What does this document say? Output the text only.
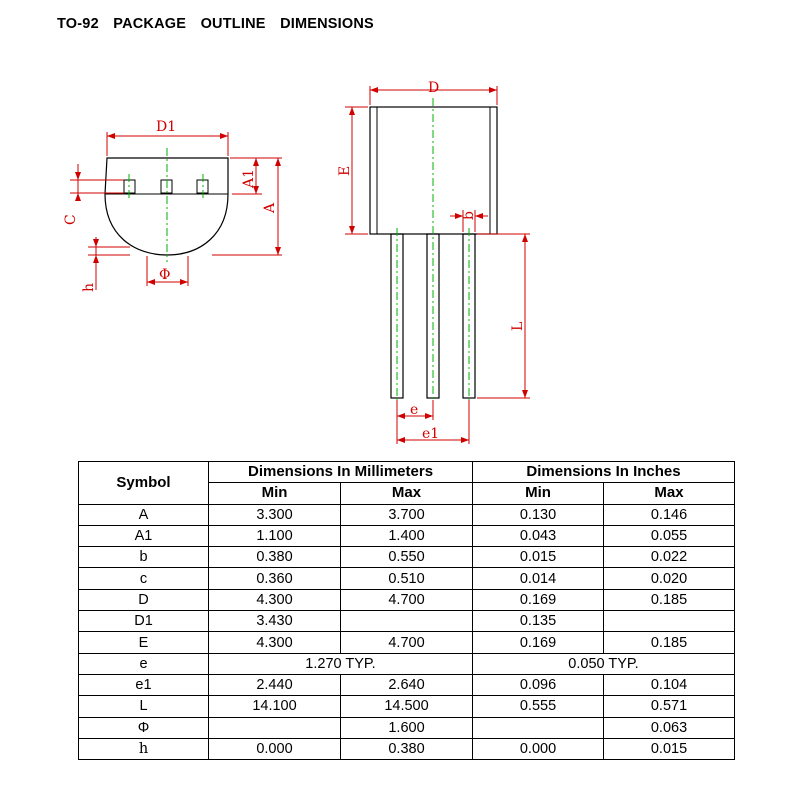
TO-92  PACKAGE  OUTLINE  DIMENSIONS
D1
A1
A
C
h
Φ
D
E
b
L
e
e1
Symbol	Dimensions In Millimeters		Dimensions In Inches	
	Min	Max	Min	Max
A	3.300	3.700	0.130	0.146
A1	1.100	1.400	0.043	0.055
b	0.380	0.550	0.015	0.022
c	0.360	0.510	0.014	0.020
D	4.300	4.700	0.169	0.185
D1	3.430		0.135	
E	4.300	4.700	0.169	0.185
e	1.270 TYP.		0.050 TYP.	
e1	2.440	2.640	0.096	0.104
L	14.100	14.500	0.555	0.571
Φ		1.600		0.063
h	0.000	0.380	0.000	0.015
